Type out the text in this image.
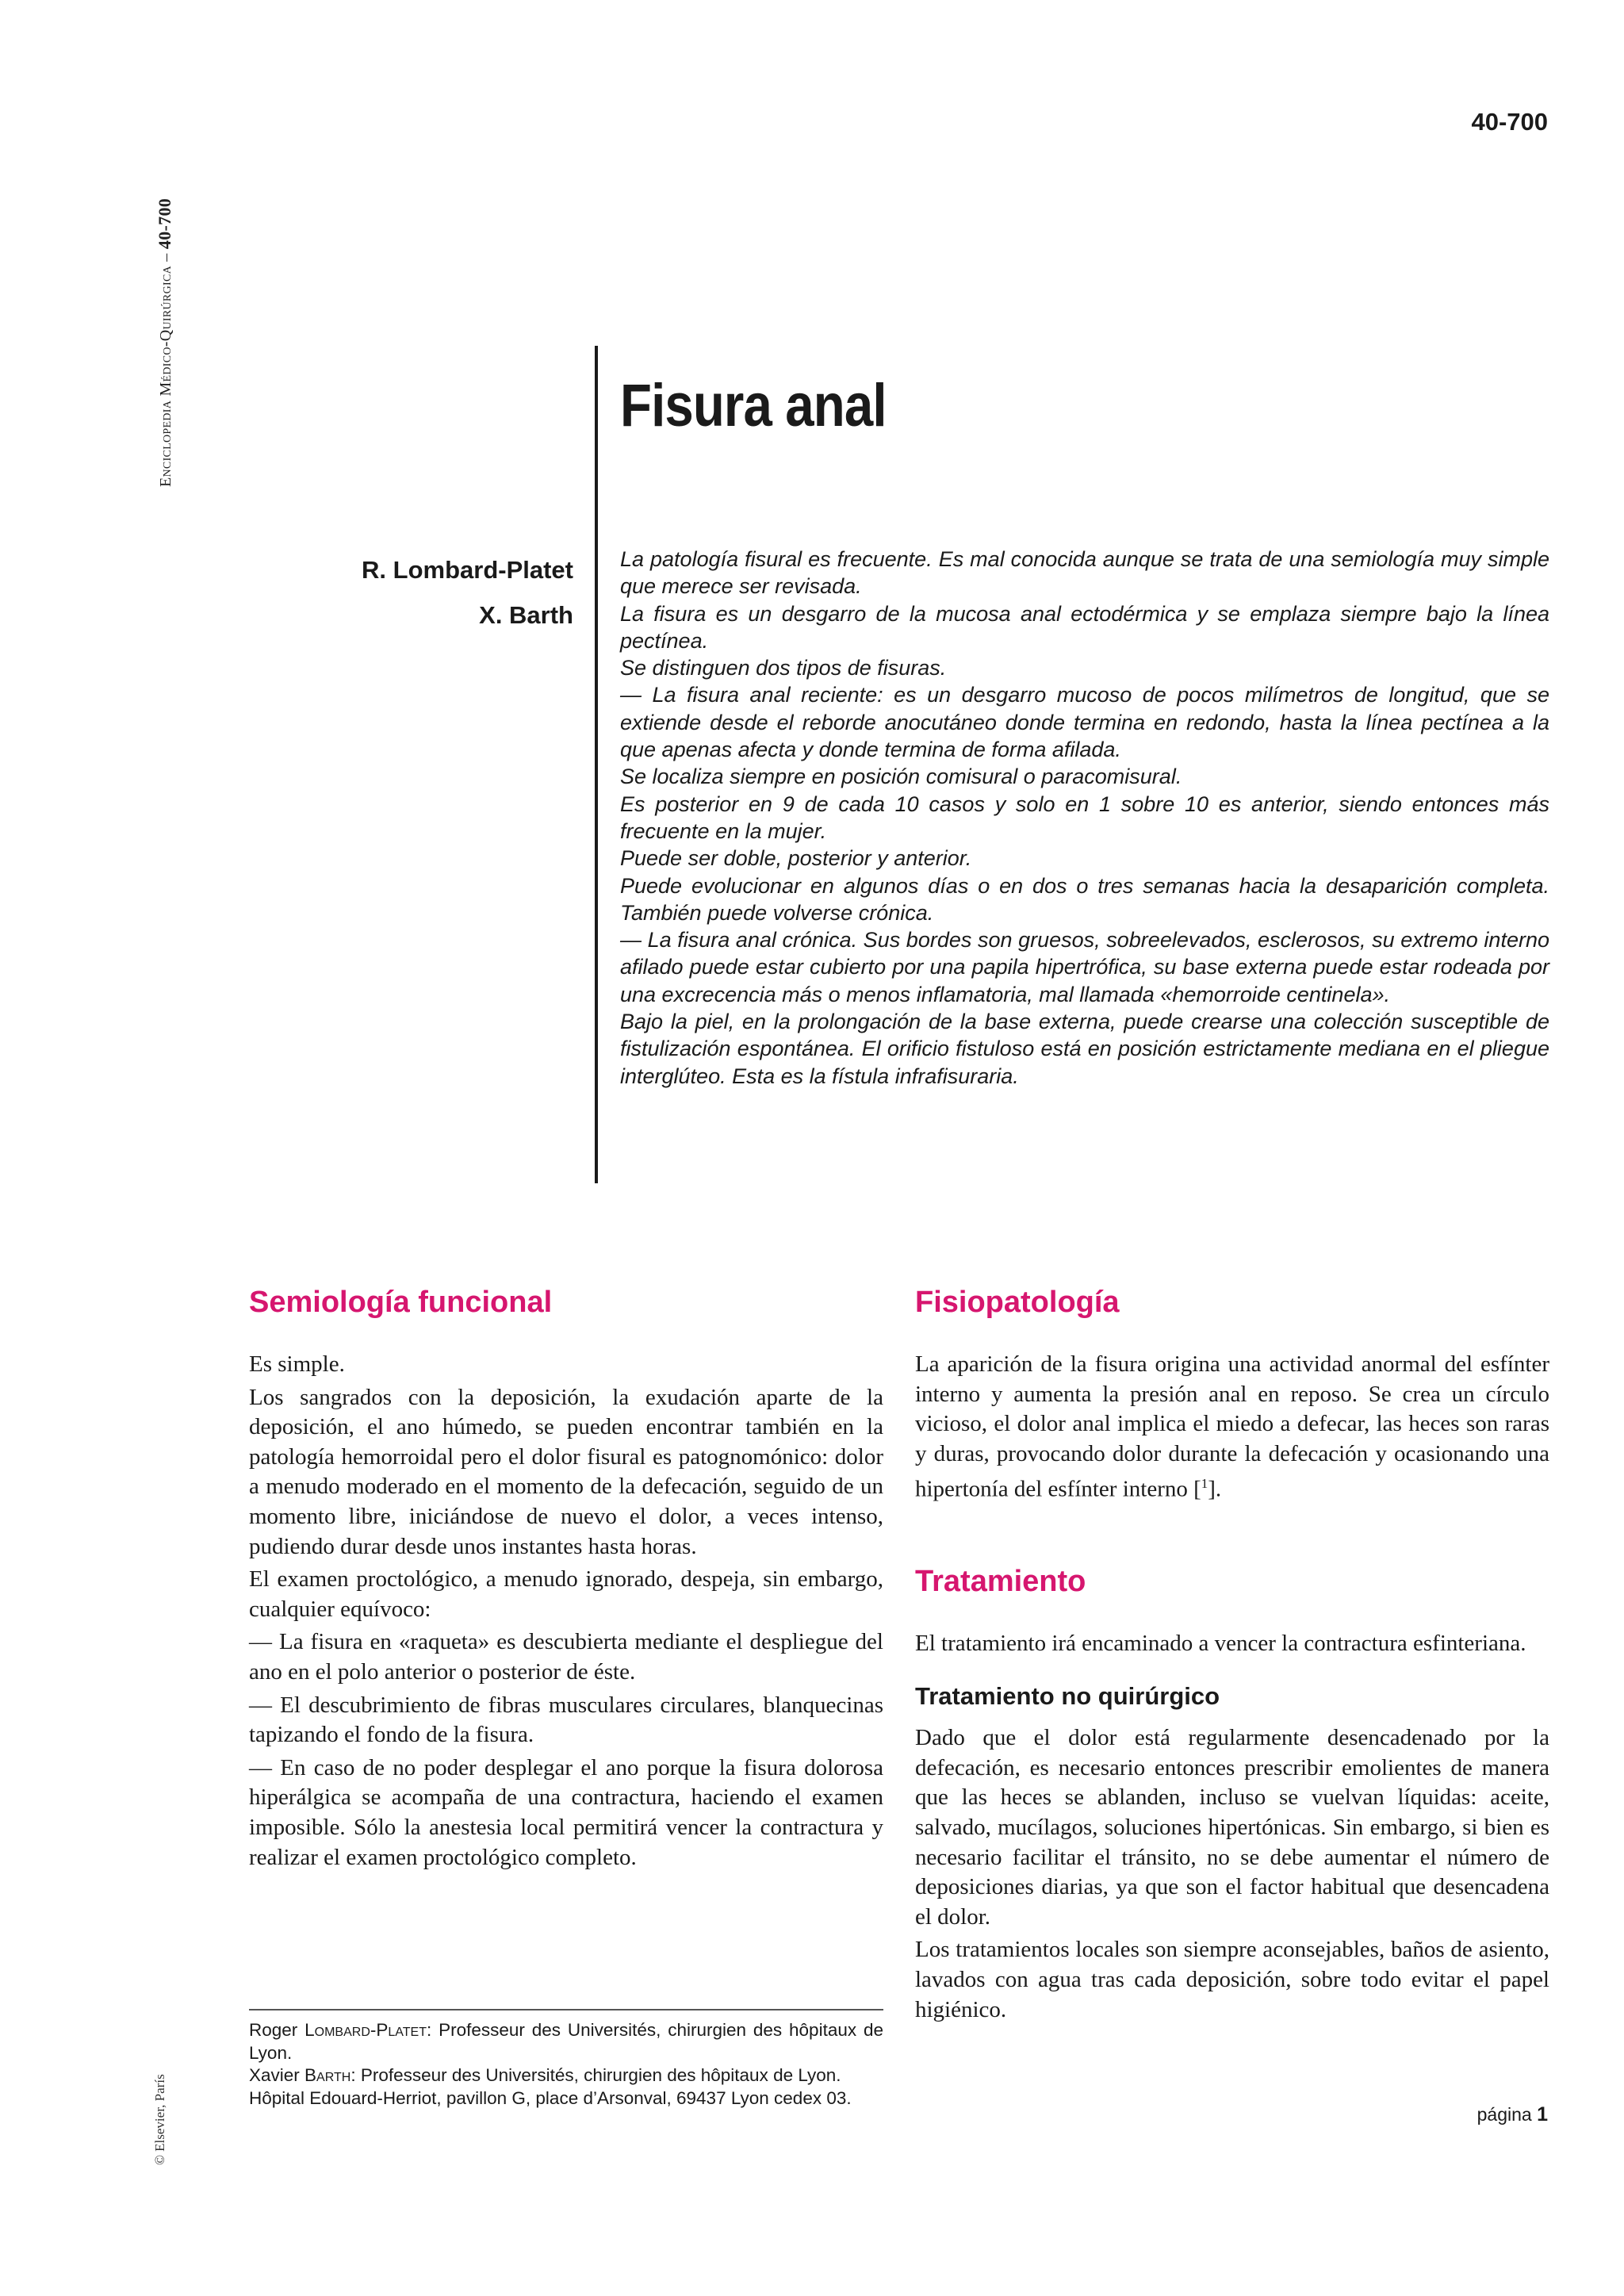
40-700
Enciclopedia Médico-Quirúrgica – 40-700
© Elsevier, París
Fisura anal
R. Lombard-Platet
X. Barth

La patología fisural es frecuente. Es mal conocida aunque se trata de una semiología muy simple que merece ser revisada.

La fisura es un desgarro de la mucosa anal ectodérmica y se emplaza siempre bajo la línea pectínea.

Se distinguen dos tipos de fisuras.

— La fisura anal reciente: es un desgarro mucoso de pocos milímetros de longitud, que se extiende desde el reborde anocutáneo donde termina en redondo, hasta la línea pectínea a la que apenas afecta y donde termina de forma afilada.

Se localiza siempre en posición comisural o paracomisural.

Es posterior en 9 de cada 10 casos y solo en 1 sobre 10 es anterior, siendo entonces más frecuente en la mujer.

Puede ser doble, posterior y anterior.

Puede evolucionar en algunos días o en dos o tres semanas hacia la desaparición completa. También puede volverse crónica.

— La fisura anal crónica. Sus bordes son gruesos, sobreelevados, esclerosos, su extremo interno afilado puede estar cubierto por una papila hipertrófica, su base externa puede estar rodeada por una excrecencia más o menos inflamatoria, mal llamada «hemorroide centinela».

Bajo la piel, en la prolongación de la base externa, puede crearse una colección susceptible de fistulización espontánea. El orificio fistuloso está en posición estrictamente mediana en el pliegue interglúteo. Esta es la fístula infrafisuraria.

Semiología funcional

Es simple.

Los sangrados con la deposición, la exudación aparte de la deposición, el ano húmedo, se pueden encontrar también en la patología hemorroidal pero el dolor fisural es patognomónico: dolor a menudo moderado en el momento de la defecación, seguido de un momento libre, iniciándose de nuevo el dolor, a veces intenso, pudiendo durar desde unos instantes hasta horas.

El examen proctológico, a menudo ignorado, despeja, sin embargo, cualquier equívoco:

— La fisura en «raqueta» es descubierta mediante el despliegue del ano en el polo anterior o posterior de éste.

— El descubrimiento de fibras musculares circulares, blanquecinas tapizando el fondo de la fisura.

— En caso de no poder desplegar el ano porque la fisura dolorosa hiperálgica se acompaña de una contractura, haciendo el examen imposible. Sólo la anestesia local permitirá vencer la contractura y realizar el examen proctológico completo.

Fisiopatología

La aparición de la fisura origina una actividad anormal del esfínter interno y aumenta la presión anal en reposo. Se crea un círculo vicioso, el dolor anal implica el miedo a defecar, las heces son raras y duras, provocando dolor durante la defecación y ocasionando una hipertonía del esfínter interno [$^1$].

Tratamiento

El tratamiento irá encaminado a vencer la contractura esfinteriana.

Tratamiento no quirúrgico

Dado que el dolor está regularmente desencadenado por la defecación, es necesario entonces prescribir emolientes de manera que las heces se ablanden, incluso se vuelvan líquidas: aceite, salvado, mucílagos, soluciones hipertónicas. Sin embargo, si bien es necesario facilitar el tránsito, no se debe aumentar el número de deposiciones diarias, ya que son el factor habitual que desencadena el dolor.

Los tratamientos locales son siempre aconsejables, baños de asiento, lavados con agua tras cada deposición, sobre todo evitar el papel higiénico.

Roger Lombard-Platet: Professeur des Universités, chirurgien des hôpitaux de Lyon.

Xavier Barth: Professeur des Universités, chirurgien des hôpitaux de Lyon.

Hôpital Edouard-Herriot, pavillon G, place d’Arsonval, 69437 Lyon cedex 03.

página 1
